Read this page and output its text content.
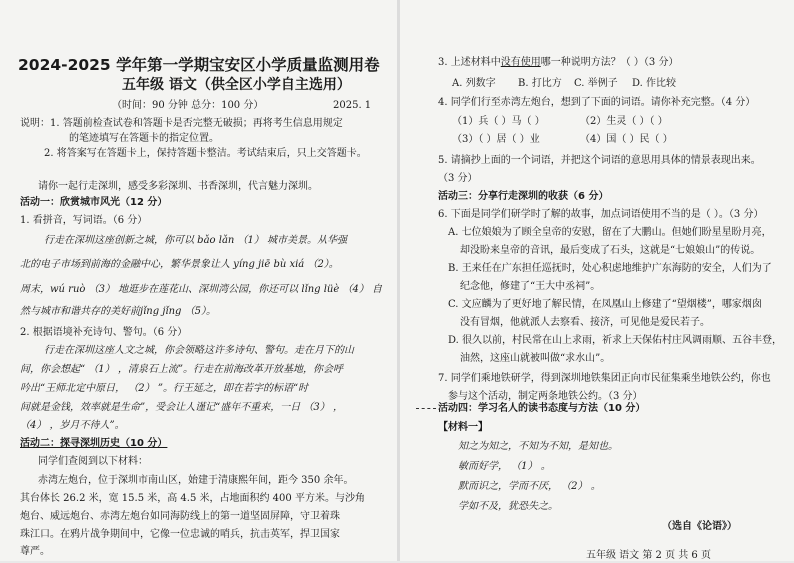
2024-2025 学年第一学期宝安区小学质量监测用卷
五年级 语文（供全区小学自主选用）
（时间：90 分钟 总分：100 分）	2025. 1
说明：1. 答题前检查试卷和答题卡是否完整无破损；再将考生信息用规定
的笔迹填写在答题卡的指定位置。
2. 将答案写在答题卡上，保持答题卡整洁。考试结束后，只上交答题卡。
请你一起行走深圳，感受多彩深圳、书香深圳，代言魅力深圳。
活动一：欣赏城市风光（12 分）
1. 看拼音，写词语。（6 分）
行走在深圳这座创新之城，你可以 bǎo lǎn （1） 城市美景。从华强
北的电子市场到前海的金融中心，繁华景象让人 yíng jiē bù xiá （2）。
周末，wú ruò （3） 地逛步在莲花山、深圳湾公园，你还可以 lǐng lüè （4） 自
然与城市和谐共存的美好前jǐng jǐng （5）。
2. 根据语境补充诗句、警句。（6 分）
行走在深圳这座人文之城，你会领略这许多诗句、警句。走在月下的山
间，你会想起“ （1） ，清泉石上流”。行走在前海改革开放基地，你会呼
吟出“王师北定中原日， （2） ”。行王延之，即在若字的标语“时
间就是金钱，效率就是生命”，受会让人谨记“盛年不重来，一日 （3） ，
（4） ，岁月不待人”。
活动二：探寻深圳历史（10 分）
同学们查阅到以下材料：
赤湾左炮台，位于深圳市南山区，始建于清康熙年间，距今 350 余年。
其台体长 26.2 米，宽 15.5 米，高 4.5 米，占地面积约 400 平方米。与沙角
炮台、威远炮台、赤湾左炮台如同海防线上的第一道坚固屏障，守卫着珠
珠江口。在鸦片战争期间中，它像一位忠诚的哨兵，抗击英军，捍卫国家
尊严。
3. 上述材料中没有使用哪一种说明方法？（ ）（3 分）
A. 列数字 B. 打比方 C. 举例子 D. 作比较
4. 同学们行至赤湾左炮台，想到了下面的词语。请你补充完整。（4 分）
（1）兵（ ）马（ ）	（2）生灵（ ）（ ）
（3）（ ）居（ ）业	（4）国（ ）民（ ）
5. 请摘抄上面的一个词语，并把这个词语的意思用具体的情景表现出来。
（3 分）
活动三：分享行走深圳的收获（6 分）
6. 下面是同学们研学时了解的故事，加点词语使用不当的是（ ）。（3 分）
A. 七位娘娘为了顾全皇帝的安慰，留在了大鹏山。但她们盼星星盼月亮，
却没盼来皇帝的音讯，最后变成了石头，这就是“七娘娘山”的传说。
B. 王来任在广东担任巡抚时，处心积虑地维护广东海防的安全，人们为了
纪念他，修建了“王大中丞祠”。
C. 文应麟为了更好地了解民情，在凤凰山上修建了“望烟楼”，哪家烟囱
没有冒烟，他就派人去察看、接济，可见他是爱民若子。
D. 很久以前，村民常在山上求雨，祈求上天保佑村庄风调雨顺、五谷丰登，
油然，这座山就被叫做“求水山”。
7. 同学们乘地铁研学，得到深圳地铁集团正向市民征集乘坐地铁公约，你也
参与这个活动，制定两条地铁公约。（3 分）
活动四：学习名人的读书态度与方法（10 分）
【材料一】
知之为知之，不知为不知，是知也。
敏而好学， （1） 。
默而识之，学而不厌， （2） 。
学如不及，犹恐失之。
（选自《论语》）
五年级 语文 第 2 页 共 6 页
